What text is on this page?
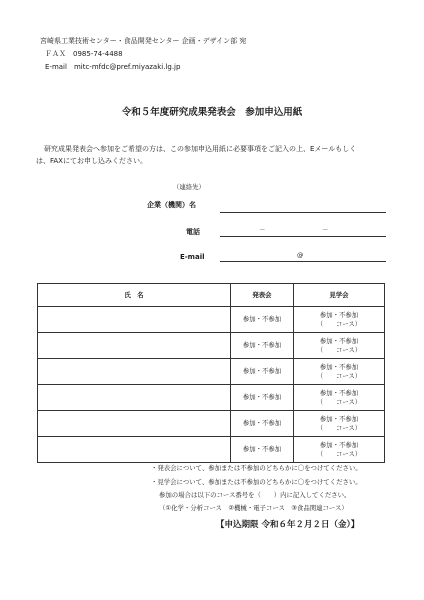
宮崎県工業技術センター・食品開発センター 企画・デザイン部 宛
ＦＡＸ　0985-74-4488
E-mail　mitc-mfdc@pref.miyazaki.lg.jp
令和５年度研究成果発表会　参加申込用紙
研究成果発表会へ参加をご希望の方は、この参加申込用紙に必要事項をご記入の上、Eメールもしく
は、FAXにてお申し込みください。
（連絡先）
企業（機関）名
電話	－	－
E-mail	@
氏　名	発表会	見学会
	参加・不参加	参加・不参加
（　　コース）

	参加・不参加	参加・不参加
（　　コース）

	参加・不参加	参加・不参加
（　　コース）

	参加・不参加	参加・不参加
（　　コース）

	参加・不参加	参加・不参加
（　　コース）

	参加・不参加	参加・不参加
（　　コース）
・発表会について、参加または不参加のどちらかに〇をつけてください。
・見学会について、参加または不参加のどちらかに〇をつけてください。
参加の場合は以下のコース番号を（　　）内に記入してください。
（①化学・分析コース　②機械・電子コース　③食品関連コース）
【申込期限 令和６年２月２日（金）】
